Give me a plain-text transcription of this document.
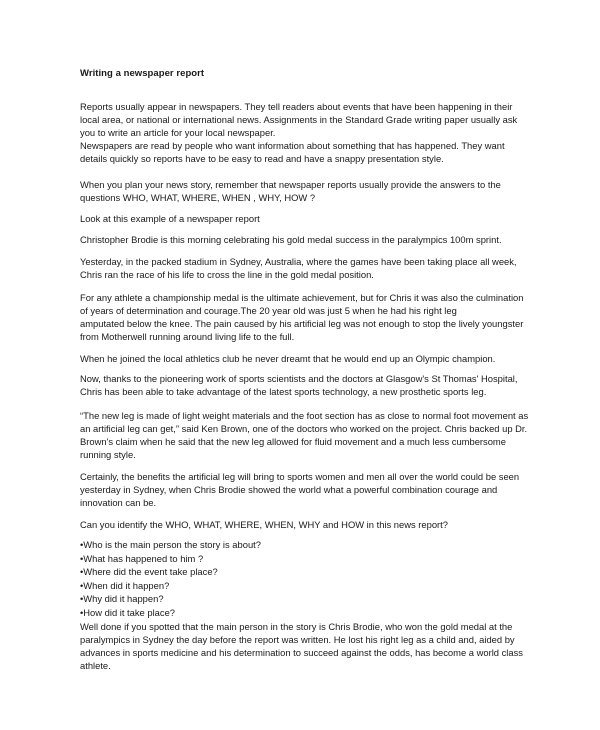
Writing a newspaper report
Reports usually appear in newspapers. They tell readers about events that have been happening in their
local area, or national or international news. Assignments in the Standard Grade writing paper usually ask
you to write an article for your local newspaper.
Newspapers are read by people who want information about something that has happened. They want
details quickly so reports have to be easy to read and have a snappy presentation style.
When you plan your news story, remember that newspaper reports usually provide the answers to the
questions WHO, WHAT, WHERE, WHEN , WHY, HOW ?
Look at this example of a newspaper report
Christopher Brodie is this morning celebrating his gold medal success in the paralympics 100m sprint.
Yesterday, in the packed stadium in Sydney, Australia, where the games have been taking place all week,
Chris ran the race of his life to cross the line in the gold medal position.
For any athlete a championship medal is the ultimate achievement, but for Chris it was also the culmination
of years of determination and courage.The 20 year old was just 5 when he had his right leg
amputated below the knee. The pain caused by his artificial leg was not enough to stop the lively youngster
from Motherwell running around living life to the full.
When he joined the local athletics club he never dreamt that he would end up an Olympic champion.
Now, thanks to the pioneering work of sports scientists and the doctors at Glasgow's St Thomas' Hospital,
Chris has been able to take advantage of the latest sports technology, a new prosthetic sports leg.
“The new leg is made of light weight materials and the foot section has as close to normal foot movement as
an artificial leg can get,” said Ken Brown, one of the doctors who worked on the project. Chris backed up Dr.
Brown's claim when he said that the new leg allowed for fluid movement and a much less cumbersome
running style.
Certainly, the benefits the artificial leg will bring to sports women and men all over the world could be seen
yesterday in Sydney, when Chris Brodie showed the world what a powerful combination courage and
innovation can be.
Can you identify the WHO, WHAT, WHERE, WHEN, WHY and HOW in this news report?
•Who is the main person the story is about?
•What has happened to him ?
•Where did the event take place?
•When did it happen?
•Why did it happen?
•How did it take place?
Well done if you spotted that the main person in the story is Chris Brodie, who won the gold medal at the
paralympics in Sydney the day before the report was written. He lost his right leg as a child and, aided by
advances in sports medicine and his determination to succeed against the odds, has become a world class
athlete.
